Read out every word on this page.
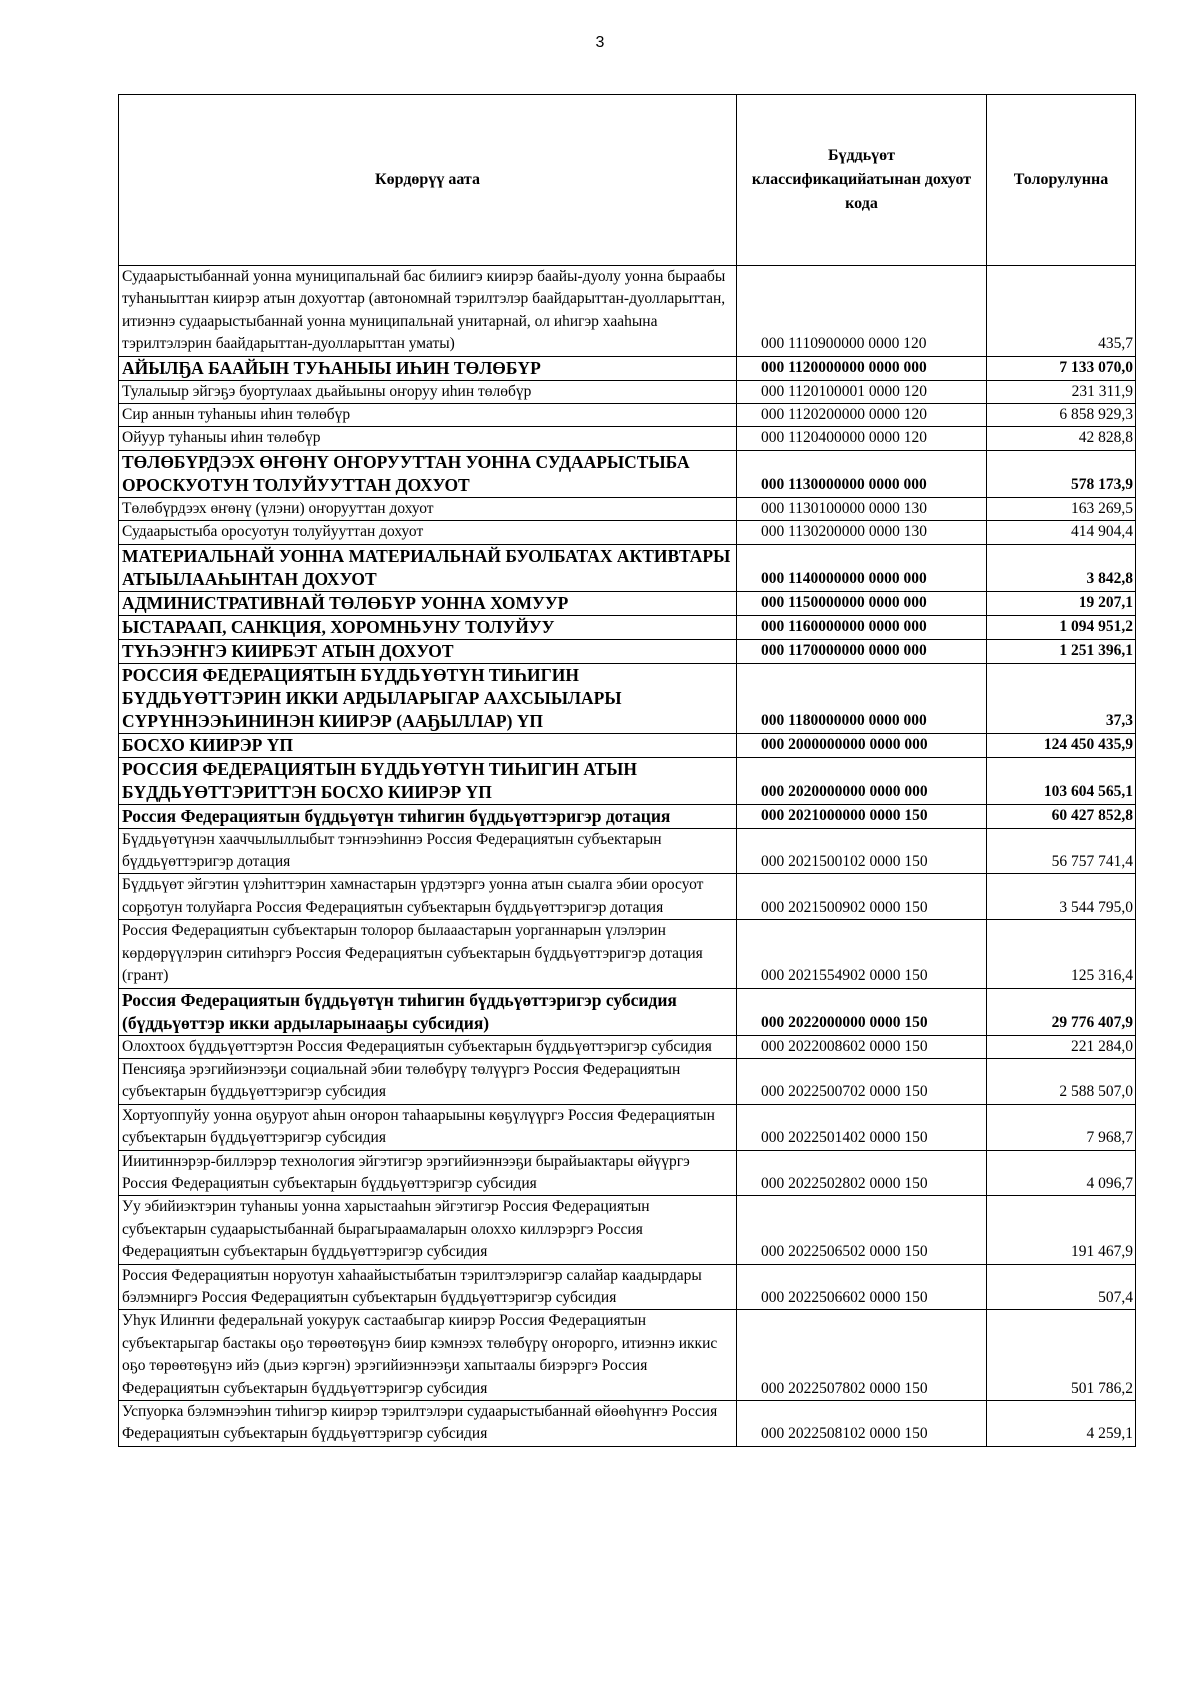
3
Көрдөрүү аата	Бүддьүөт классификацийатынан дохуот кода	Толорулунна
Судаарыстыбаннай уонна муниципальнай бас билиигэ киирэр баайы-дуолу уонна быраабы туһаныыттан киирэр атын дохуоттар (автономнай тэрилтэлэр баайдарыттан-дуолларыттан, итиэннэ судаарыстыбаннай уонна муниципальнай унитарнай, ол иһигэр хааһына тэрилтэлэрин баайдарыттан-дуолларыттан уматы)	000 1110900000 0000 120	435,7
АЙЫЛҔА БААЙЫН ТУҺАНЫЫ ИҺИН ТӨЛӨБҮР	000 1120000000 0000 000	7 133 070,0
Тулалыыр эйгэҕэ буортулаах дьайыыны оҥоруу иһин төлөбүр	000 1120100001 0000 120	231 311,9
Сир аннын туһаныы иһин төлөбүр	000 1120200000 0000 120	6 858 929,3
Ойуур туһаныы иһин төлөбүр	000 1120400000 0000 120	42 828,8
ТӨЛӨБҮРДЭЭХ ӨҤӨНҮ ОҤОРУУТТАН УОННА СУДААРЫСТЫБА ОРОСКУОТУН ТОЛУЙУУТТАН ДОХУОТ	000 1130000000 0000 000	578 173,9
Төлөбүрдээх өҥөнү (үлэни) оҥорууттан дохуот	000 1130100000 0000 130	163 269,5
Судаарыстыба оросуотун толуйууттан дохуот	000 1130200000 0000 130	414 904,4
МАТЕРИАЛЬНАЙ УОННА МАТЕРИАЛЬНАЙ БУОЛБАТАХ АКТИВТАРЫ АТЫЫЛААҺЫНТАН ДОХУОТ	000 1140000000 0000 000	3 842,8
АДМИНИСТРАТИВНАЙ ТӨЛӨБҮР УОННА ХОМУУР	000 1150000000 0000 000	19 207,1
ЫСТАРААП, САНКЦИЯ, ХОРОМНЬУНУ ТОЛУЙУУ	000 1160000000 0000 000	1 094 951,2
ТҮҺЭЭҤҤЭ КИИРБЭТ АТЫН ДОХУОТ	000 1170000000 0000 000	1 251 396,1
РОССИЯ ФЕДЕРАЦИЯТЫН БҮДДЬҮӨТҮН ТИҺИГИН БҮДДЬҮӨТТЭРИН ИККИ АРДЫЛАРЫГАР ААХСЫЫЛАРЫ СҮРҮННЭЭҺИНИНЭН КИИРЭР (ААҔЫЛЛАР) ҮП	000 1180000000 0000 000	37,3
БОСХО КИИРЭР ҮП	000 2000000000 0000 000	124 450 435,9
РОССИЯ ФЕДЕРАЦИЯТЫН БҮДДЬҮӨТҮН ТИҺИГИН АТЫН БҮДДЬҮӨТТЭРИТТЭН БОСХО КИИРЭР ҮП	000 2020000000 0000 000	103 604 565,1
Россия Федерациятын бүддьүөтүн тиһигин бүддьүөттэригэр дотация	000 2021000000 0000 150	60 427 852,8
Бүддьүөтүнэн хааччылыллыбыт тэҥнээһиннэ Россия Федерациятын субъектарын бүддьүөттэригэр дотация	000 2021500102 0000 150	56 757 741,4
Бүддьүөт эйгэтин үлэһиттэрин хамнастарын үрдэтэргэ уонна атын сыалга эбии оросуот сорҕотун толуйарга Россия Федерациятын субъектарын бүддьүөттэригэр дотация	000 2021500902 0000 150	3 544 795,0
Россия Федерациятын субъектарын толорор былааастарын уорганнарын үлэлэрин көрдөрүүлэрин ситиһэргэ Россия Федерациятын субъектарын бүддьүөттэригэр дотация (грант)	000 2021554902 0000 150	125 316,4
Россия Федерациятын бүддьүөтүн тиһигин бүддьүөттэригэр субсидия (бүддьүөттэр икки ардыларынааҕы субсидия)	000 2022000000 0000 150	29 776 407,9
Олохтоох бүддьүөттэртэн Россия Федерациятын субъектарын бүддьүөттэригэр субсидия	000 2022008602 0000 150	221 284,0
Пенсияҕа эрэгийиэнээҕи социальнай эбии төлөбүрү төлүүргэ Россия Федерациятын субъектарын бүддьүөттэригэр субсидия	000 2022500702 0000 150	2 588 507,0
Хортуоппуйу уонна оҕуруот аһын оҥорон таһаарыыны көҕүлүүргэ Россия Федерациятын субъектарын бүддьүөттэригэр субсидия	000 2022501402 0000 150	7 968,7
Ииитиннэрэр-биллэрэр технология эйгэтигэр эрэгийиэннээҕи бырайыактары өйүүргэ Россия Федерациятын субъектарын бүддьүөттэригэр субсидия	000 2022502802 0000 150	4 096,7
Уу эбийиэктэрин туһаныы уонна харыстааһын эйгэтигэр Россия Федерациятын субъектарын судаарыстыбаннай бырагыраамаларын олоххо киллэрэргэ Россия Федерациятын субъектарын бүддьүөттэригэр субсидия	000 2022506502 0000 150	191 467,9
Россия Федерациятын норуотун хаһаайыстыбатын тэрилтэлэригэр салайар каадырдары бэлэмниргэ Россия Федерациятын субъектарын бүддьүөттэригэр субсидия	000 2022506602 0000 150	507,4
Уһук Илиҥҥи федеральнай уокурук састаабыгар киирэр Россия Федерациятын субъектарыгар бастакы оҕо төрөөтөҕүнэ биир кэмнээх төлөбүрү оҥорорго, итиэннэ иккис оҕо төрөөтөҕүнэ ийэ (дьиэ кэргэн) эрэгийиэннээҕи хапытаалы биэрэргэ Россия Федерациятын субъектарын бүддьүөттэригэр субсидия	000 2022507802 0000 150	501 786,2
Успуорка бэлэмнээһин тиһигэр киирэр тэрилтэлэри судаарыстыбаннай өйөөһүҥҥэ Россия Федерациятын субъектарын бүддьүөттэригэр субсидия	000 2022508102 0000 150	4 259,1
